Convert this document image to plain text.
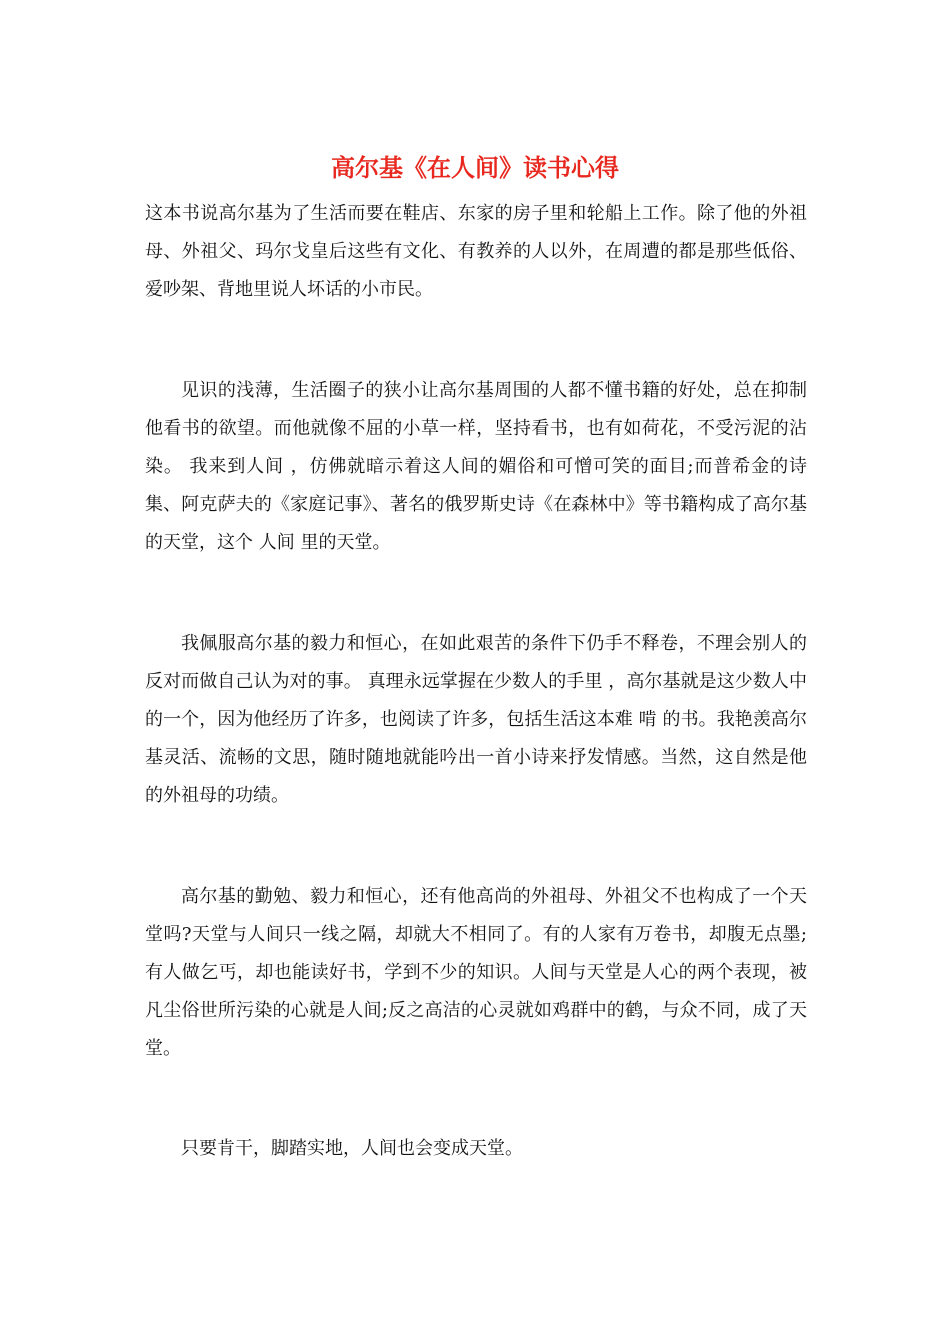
高尔基《在人间》读书心得

这本书说高尔基为了生活而要在鞋店、东家的房子里和轮船上工作。除了他的外祖母、外祖父、玛尔戈皇后这些有文化、有教养的人以外，在周遭的都是那些低俗、爱吵架、背地里说人坏话的小市民。

见识的浅薄，生活圈子的狭小让高尔基周围的人都不懂书籍的好处，总在抑制他看书的欲望。而他就像不屈的小草一样，坚持看书，也有如荷花，不受污泥的沾染。 我来到人间 ，仿佛就暗示着这人间的媚俗和可憎可笑的面目;而普希金的诗集、阿克萨夫的《家庭记事》、著名的俄罗斯史诗《在森林中》等书籍构成了高尔基的天堂，这个 人间 里的天堂。

我佩服高尔基的毅力和恒心，在如此艰苦的条件下仍手不释卷，不理会别人的反对而做自己认为对的事。 真理永远掌握在少数人的手里 ，高尔基就是这少数人中的一个，因为他经历了许多，也阅读了许多，包括生活这本难 啃 的书。我艳羡高尔基灵活、流畅的文思，随时随地就能吟出一首小诗来抒发情感。当然，这自然是他的外祖母的功绩。

高尔基的勤勉、毅力和恒心，还有他高尚的外祖母、外祖父不也构成了一个天堂吗?天堂与人间只一线之隔，却就大不相同了。有的人家有万卷书，却腹无点墨;有人做乞丐，却也能读好书，学到不少的知识。人间与天堂是人心的两个表现，被凡尘俗世所污染的心就是人间;反之高洁的心灵就如鸡群中的鹤，与众不同，成了天堂。

只要肯干，脚踏实地，人间也会变成天堂。
